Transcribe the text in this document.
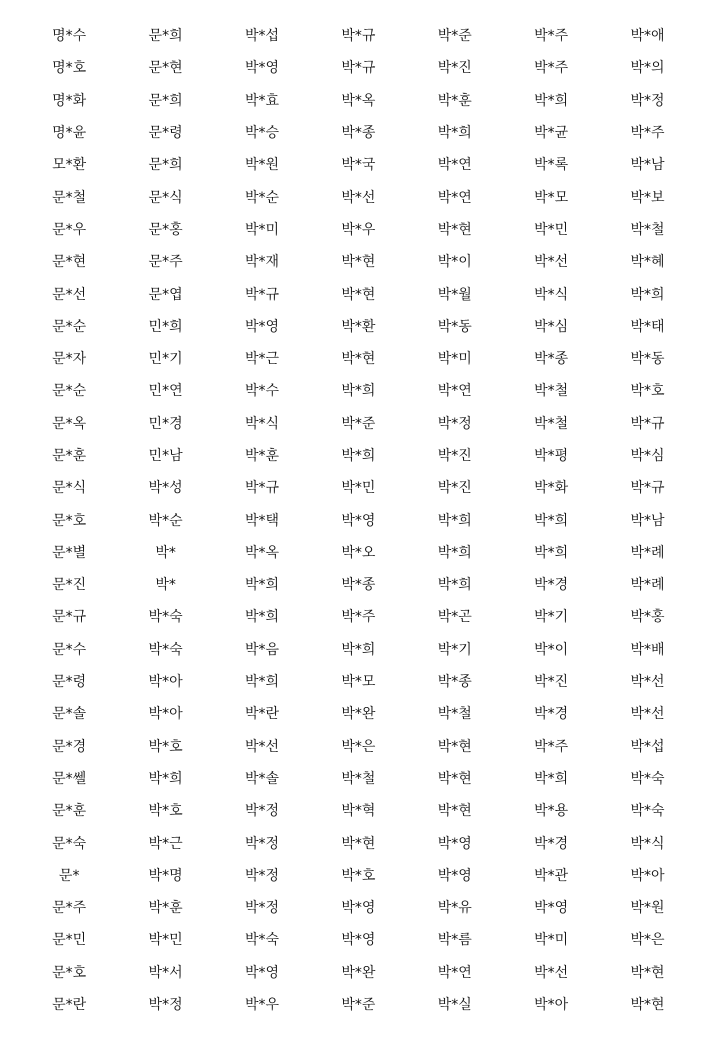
명*수	문*희	박*섭	박*규	박*준	박*주	박*애
명*호	문*현	박*영	박*규	박*진	박*주	박*의
명*화	문*희	박*효	박*옥	박*훈	박*희	박*정
명*윤	문*령	박*승	박*종	박*희	박*균	박*주
모*환	문*희	박*원	박*국	박*연	박*록	박*남
문*철	문*식	박*순	박*선	박*연	박*모	박*보
문*우	문*홍	박*미	박*우	박*현	박*민	박*철
문*현	문*주	박*재	박*현	박*이	박*선	박*혜
문*선	문*엽	박*규	박*현	박*월	박*식	박*희
문*순	민*희	박*영	박*환	박*동	박*심	박*태
문*자	민*기	박*근	박*현	박*미	박*종	박*동
문*순	민*연	박*수	박*희	박*연	박*철	박*호
문*옥	민*경	박*식	박*준	박*정	박*철	박*규
문*훈	민*남	박*훈	박*희	박*진	박*평	박*심
문*식	박*성	박*규	박*민	박*진	박*화	박*규
문*호	박*순	박*택	박*영	박*희	박*희	박*남
문*별	박*	박*옥	박*오	박*희	박*희	박*례
문*진	박*	박*희	박*종	박*희	박*경	박*례
문*규	박*숙	박*희	박*주	박*곤	박*기	박*홍
문*수	박*숙	박*음	박*희	박*기	박*이	박*배
문*령	박*아	박*희	박*모	박*종	박*진	박*선
문*솔	박*아	박*란	박*완	박*철	박*경	박*선
문*경	박*호	박*선	박*은	박*현	박*주	박*섭
문*쎌	박*희	박*솔	박*철	박*현	박*희	박*숙
문*훈	박*호	박*정	박*혁	박*현	박*용	박*숙
문*숙	박*근	박*정	박*현	박*영	박*경	박*식
문*	박*명	박*정	박*호	박*영	박*관	박*아
문*주	박*훈	박*정	박*영	박*유	박*영	박*원
문*민	박*민	박*숙	박*영	박*름	박*미	박*은
문*호	박*서	박*영	박*완	박*연	박*선	박*현
문*란	박*정	박*우	박*준	박*실	박*아	박*현
